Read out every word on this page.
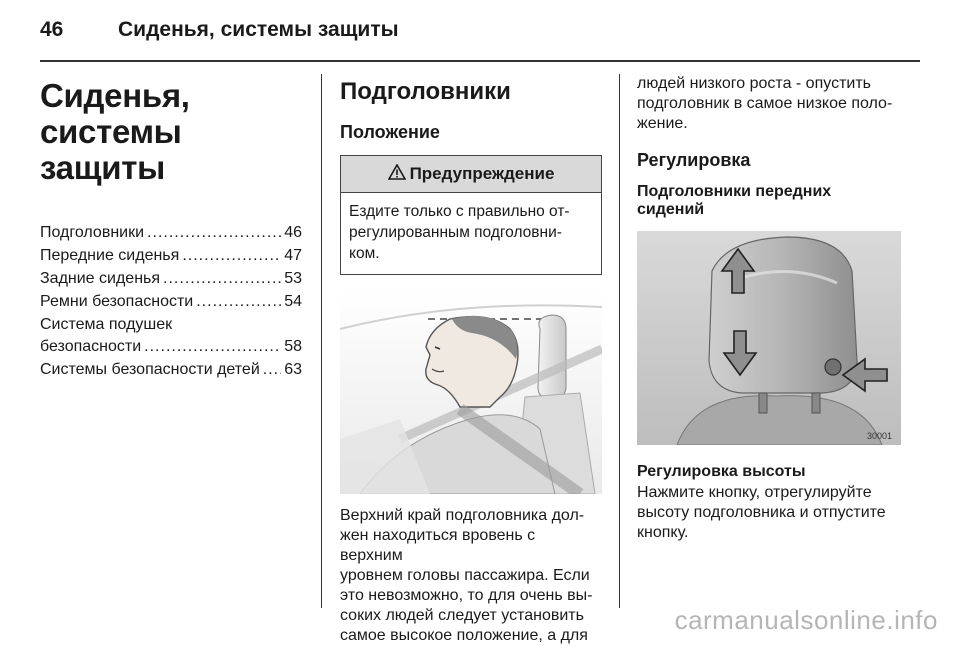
46	Сиденья, системы защиты
Сиденья, системы
защиты
Подголовники .....	46
Передние сиденья .....	47
Задние сиденья .....	53
Ремни безопасности .....	54
Система подушек
безопасности .....	58
Системы безопасности детей ..... 63
Подголовники
Положение
Предупреждение
Ездите только с правильно от-
регулированным подголовни-
ком.
Верхний край подголовника дол-
жен находиться вровень с верхним
уровнем головы пассажира. Если
это невозможно, то для очень вы-
соких людей следует установить
самое высокое положение, а для
людей низкого роста - опустить
подголовник в самое низкое поло-
жение.
Регулировка
Подголовники передних сидений
30001
Регулировка высоты
Нажмите кнопку, отрегулируйте
высоту подголовника и отпустите
кнопку.
carmanualsonline.info
